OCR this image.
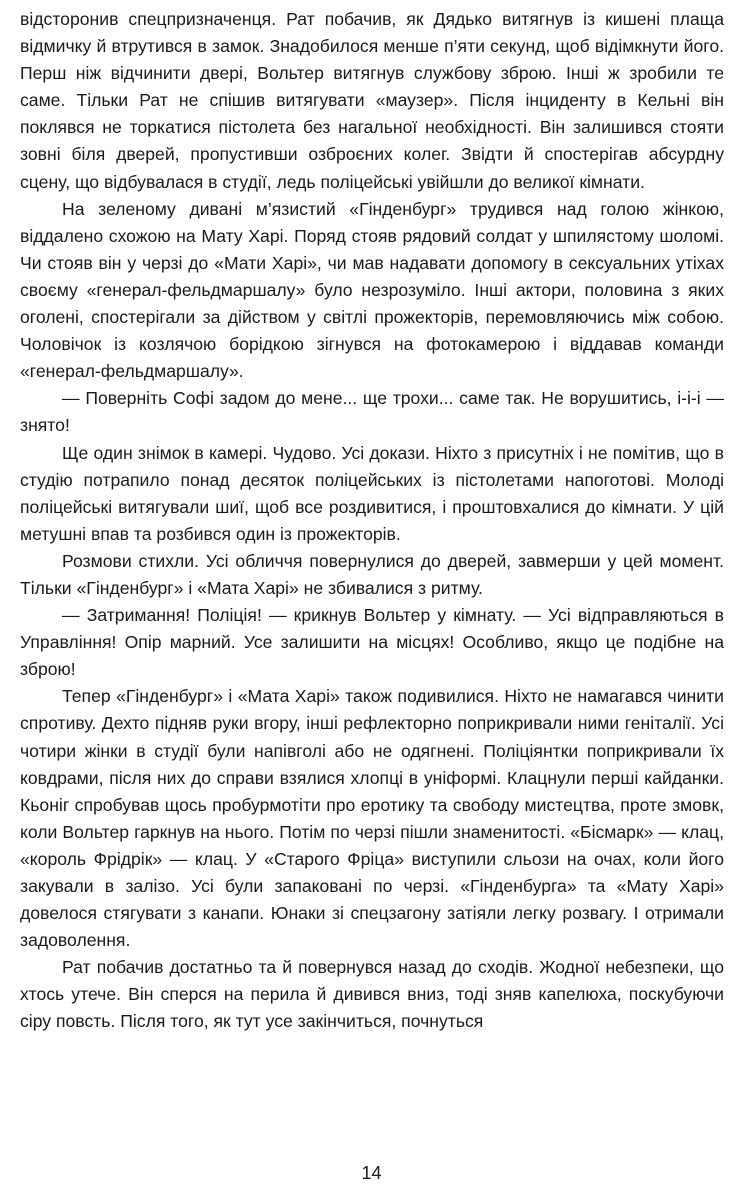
відсторонив спецпризначенця. Рат побачив, як Дядько витягнув із кишені плаща відмичку й втрутився в замок. Знадобилося менше п’яти секунд, щоб відімкнути його. Перш ніж відчинити двері, Вольтер витягнув службову зброю. Інші ж зробили те саме. Тільки Рат не спішив витягувати «маузер». Після інциденту в Кельні він поклявся не торкатися пістолета без нагальної необхідності. Він залишився стояти зовні біля дверей, пропустивши озброєних колег. Звідти й спостерігав абсурдну сцену, що відбувалася в студії, ледь поліцейські увійшли до великої кімнати.

На зеленому дивані м’язистий «Гінденбург» трудився над голою жінкою, віддалено схожою на Мату Харі. Поряд стояв рядовий солдат у шпилястому шоломі. Чи стояв він у черзі до «Мати Харі», чи мав надавати допомогу в сексуальних утіхах своєму «генерал-фельдмаршалу» було незрозуміло. Інші актори, половина з яких оголені, спостерігали за дійством у світлі прожекторів, перемовляючись між собою. Чоловічок із козлячою борідкою зігнувся на фотокамерою і віддавав команди «генерал-фельдмаршалу».

— Поверніть Софі задом до мене... ще трохи... саме так. Не ворушитись, і-і-і — знято!

Ще один знімок в камері. Чудово. Усі докази. Ніхто з присутніх і не помітив, що в студію потрапило понад десяток поліцейських із пістолетами напоготові. Молоді поліцейські витягували шиї, щоб все роздивитися, і проштовхалися до кімнати. У цій метушні впав та розбився один із прожекторів.

Розмови стихли. Усі обличчя повернулися до дверей, завмерши у цей момент. Тільки «Гінденбург» і «Мата Харі» не збивалися з ритму.

— Затримання! Поліція! — крикнув Вольтер у кімнату. — Усі відправляються в Управління! Опір марний. Усе залишити на місцях! Особливо, якщо це подібне на зброю!

Тепер «Гінденбург» і «Мата Харі» також подивилися. Ніхто не намагався чинити спротиву. Дехто підняв руки вгору, інші рефлекторно поприкривали ними геніталії. Усі чотири жінки в студії були напівголі або не одягнені. Поліціянтки поприкривали їх ковдрами, після них до справи взялися хлопці в уніформі. Клацнули перші кайданки. Кьоніг спробував щось пробурмотіти про еротику та свободу мистецтва, проте змовк, коли Вольтер гаркнув на нього. Потім по черзі пішли знаменитості. «Бісмарк» — клац, «король Фрідрік» — клац. У «Старого Фріца» виступили сльози на очах, коли його закували в залізо. Усі були запаковані по черзі. «Гінденбурга» та «Мату Харі» довелося стягувати з канапи. Юнаки зі спецзагону затіяли легку розвагу. І отримали задоволення.

Рат побачив достатньо та й повернувся назад до сходів. Жодної небезпеки, що хтось утече. Він сперся на перила й дивився вниз, тоді зняв капелюха, поскубуючи сіру повсть. Після того, як тут усе закінчиться, почнуться

14
